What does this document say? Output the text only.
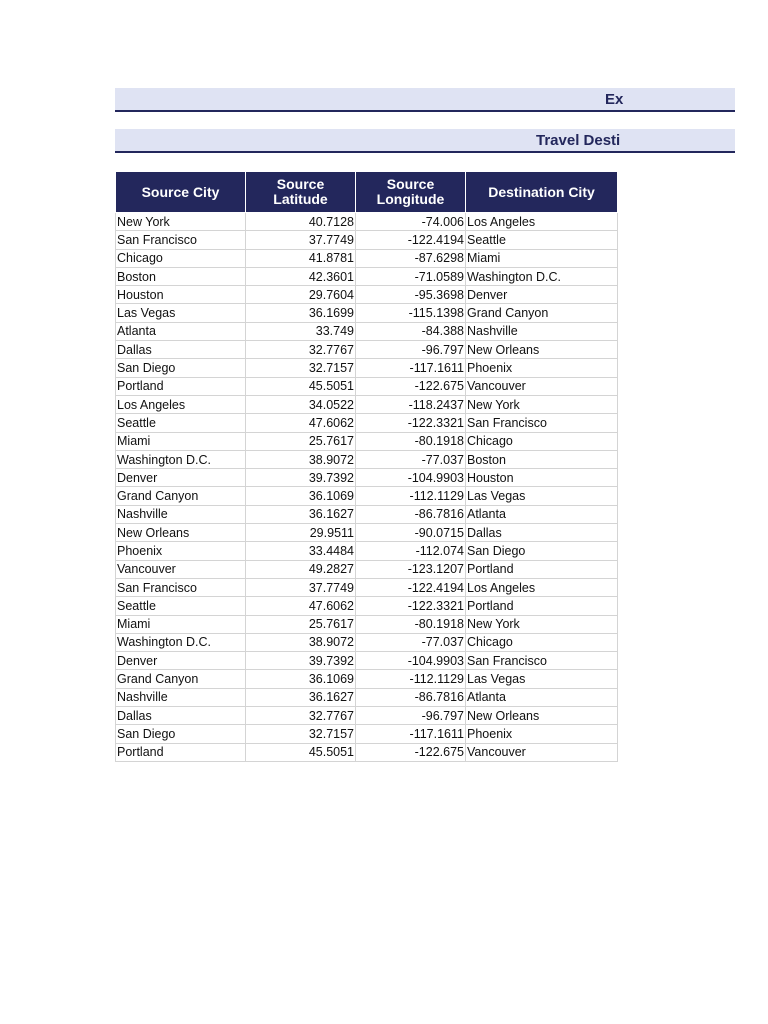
Ex
Travel Desti
Source City	Source Latitude	Source Longitude	Destination City
New York	40.7128	-74.006	Los Angeles
San Francisco	37.7749	-122.4194	Seattle
Chicago	41.8781	-87.6298	Miami
Boston	42.3601	-71.0589	Washington D.C.
Houston	29.7604	-95.3698	Denver
Las Vegas	36.1699	-115.1398	Grand Canyon
Atlanta	33.749	-84.388	Nashville
Dallas	32.7767	-96.797	New Orleans
San Diego	32.7157	-117.1611	Phoenix
Portland	45.5051	-122.675	Vancouver
Los Angeles	34.0522	-118.2437	New York
Seattle	47.6062	-122.3321	San Francisco
Miami	25.7617	-80.1918	Chicago
Washington D.C.	38.9072	-77.037	Boston
Denver	39.7392	-104.9903	Houston
Grand Canyon	36.1069	-112.1129	Las Vegas
Nashville	36.1627	-86.7816	Atlanta
New Orleans	29.9511	-90.0715	Dallas
Phoenix	33.4484	-112.074	San Diego
Vancouver	49.2827	-123.1207	Portland
San Francisco	37.7749	-122.4194	Los Angeles
Seattle	47.6062	-122.3321	Portland
Miami	25.7617	-80.1918	New York
Washington D.C.	38.9072	-77.037	Chicago
Denver	39.7392	-104.9903	San Francisco
Grand Canyon	36.1069	-112.1129	Las Vegas
Nashville	36.1627	-86.7816	Atlanta
Dallas	32.7767	-96.797	New Orleans
San Diego	32.7157	-117.1611	Phoenix
Portland	45.5051	-122.675	Vancouver
